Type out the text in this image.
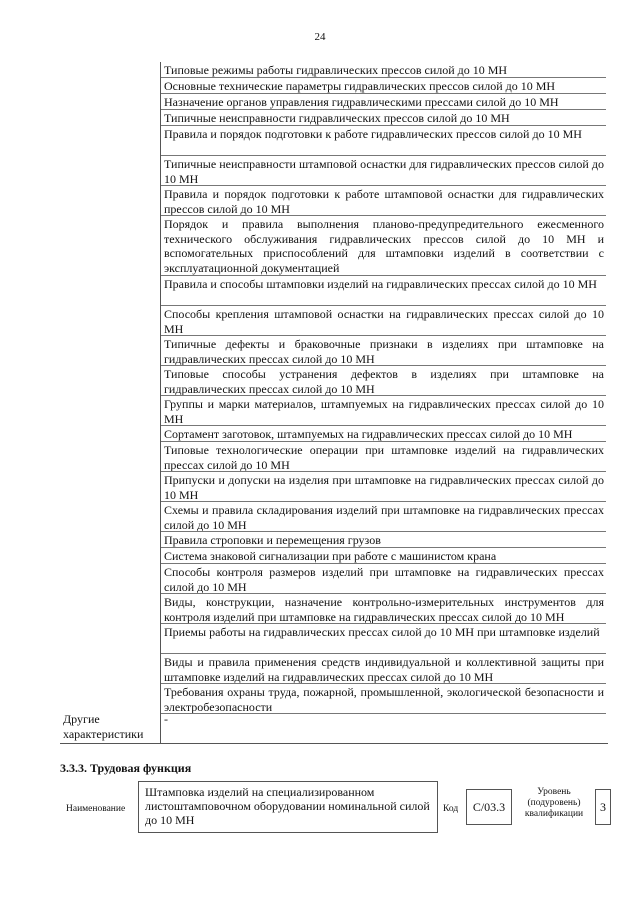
24
Типовые режимы работы гидравлических прессов силой до 10 МН
Основные технические параметры гидравлических прессов силой до 10 МН
Назначение органов управления гидравлическими прессами силой до 10 МН
Типичные неисправности гидравлических прессов силой до 10 МН
Правила и порядок подготовки к работе гидравлических прессов силой до 10 МН
Типичные неисправности штамповой оснастки для гидравлических прессов силой до 10 МН
Правила и порядок подготовки к работе штамповой оснастки для гидравлических прессов силой до 10 МН
Порядок и правила выполнения планово-предупредительного ежесменного технического обслуживания гидравлических прессов силой до 10 МН и вспомогательных приспособлений для штамповки изделий в соответствии с эксплуатационной документацией
Правила и способы штамповки изделий на гидравлических прессах силой до 10 МН
Способы крепления штамповой оснастки на гидравлических прессах силой до 10 МН
Типичные дефекты и браковочные признаки в изделиях при штамповке на гидравлических прессах силой до 10 МН
Типовые способы устранения дефектов в изделиях при штамповке на гидравлических прессах силой до 10 МН
Группы и марки материалов, штампуемых на гидравлических прессах силой до 10 МН
Сортамент заготовок, штампуемых на гидравлических прессах силой до 10 МН
Типовые технологические операции при штамповке изделий на гидравлических прессах силой до 10 МН
Припуски и допуски на изделия при штамповке на гидравлических прессах силой до 10 МН
Схемы и правила складирования изделий при штамповке на гидравлических прессах силой до 10 МН
Правила строповки и перемещения грузов
Система знаковой сигнализации при работе с машинистом крана
Способы контроля размеров изделий при штамповке на гидравлических прессах силой до 10 МН
Виды, конструкции, назначение контрольно-измерительных инструментов для контроля изделий при штамповке на гидравлических прессах силой до 10 МН
Приемы работы на гидравлических прессах силой до 10 МН при штамповке изделий
Виды и правила применения средств индивидуальной и коллективной защиты при штамповке изделий на гидравлических прессах силой до 10 МН
Требования охраны труда, пожарной, промышленной, экологической безопасности и электробезопасности
Другие характеристики
-
3.3.3. Трудовая функция
Наименование
Штамповка изделий на специализированном листоштамповочном оборудовании номинальной силой до 10 МН
Код	С/03.3
Уровень (подуровень) квалификации	3
